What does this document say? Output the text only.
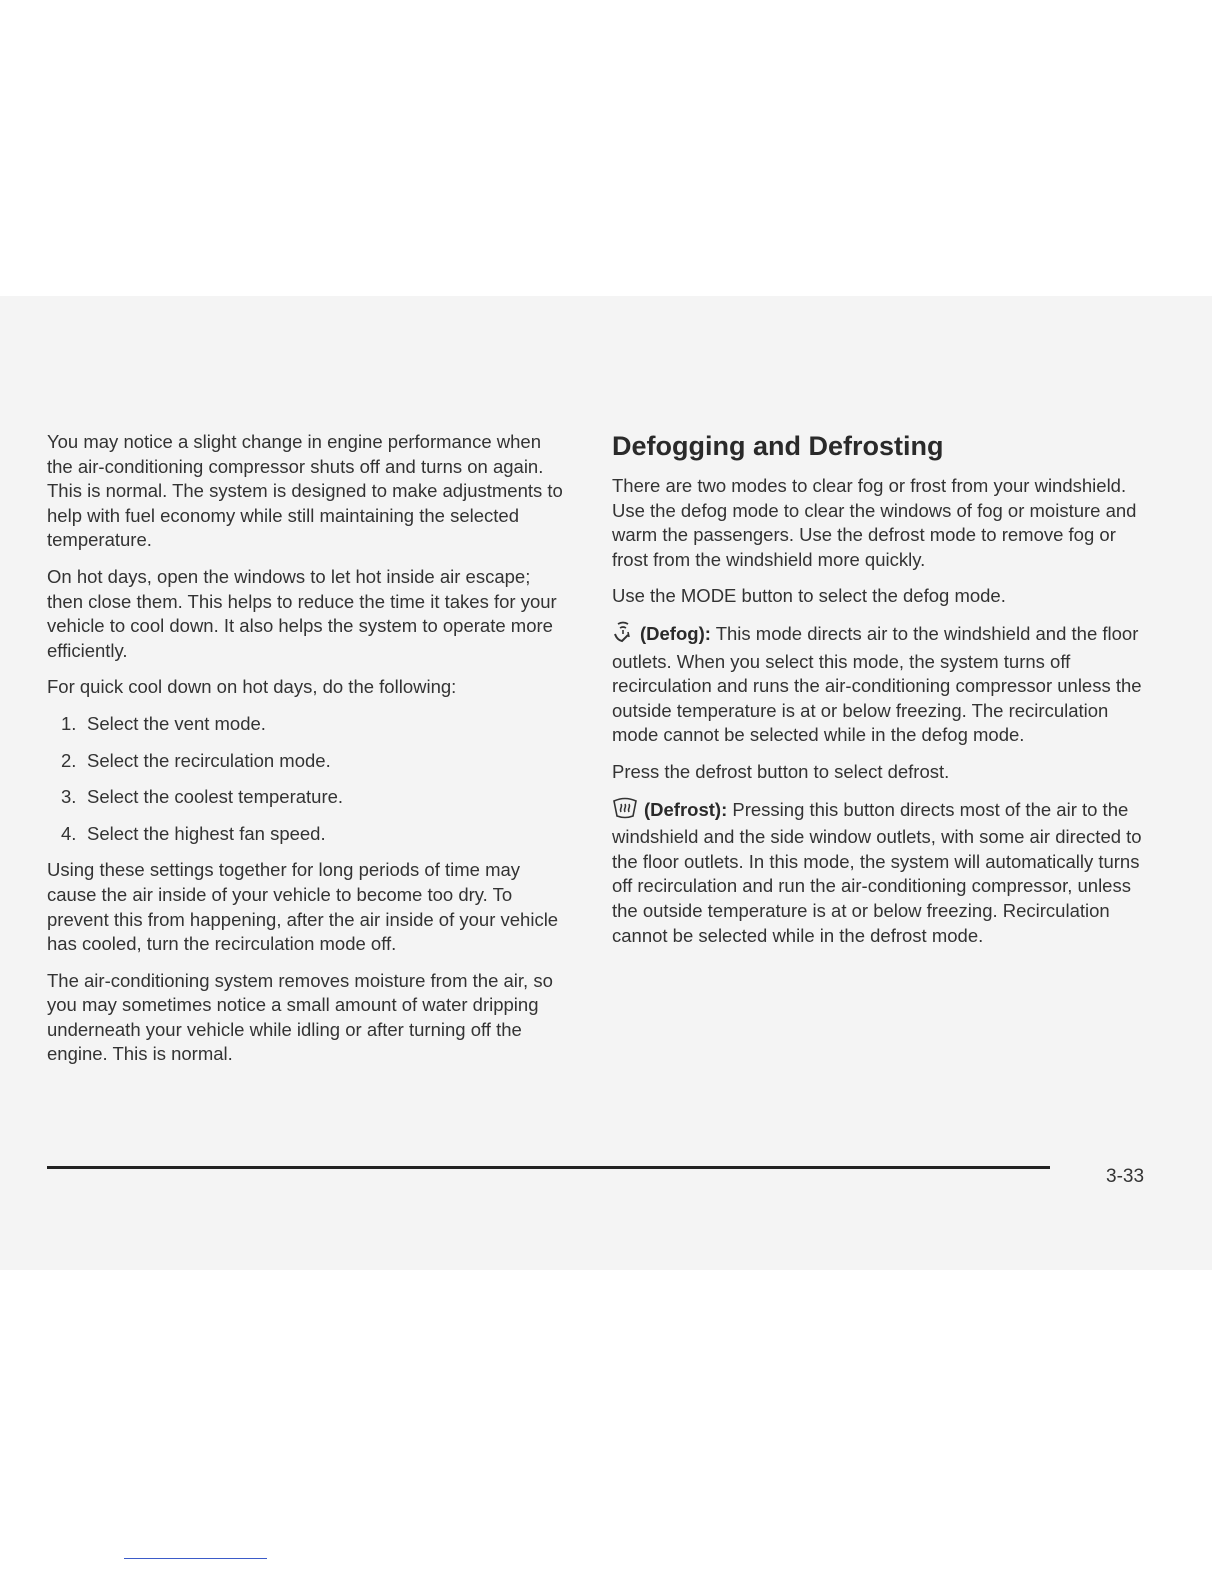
You may notice a slight change in engine performance when the air-conditioning compressor shuts off and turns on again. This is normal. The system is designed to make adjustments to help with fuel economy while still maintaining the selected temperature.

On hot days, open the windows to let hot inside air escape; then close them. This helps to reduce the time it takes for your vehicle to cool down. It also helps the system to operate more efficiently.

For quick cool down on hot days, do the following:

1. Select the vent mode.
2. Select the recirculation mode.
3. Select the coolest temperature.
4. Select the highest fan speed.

Using these settings together for long periods of time may cause the air inside of your vehicle to become too dry. To prevent this from happening, after the air inside of your vehicle has cooled, turn the recirculation mode off.

The air-conditioning system removes moisture from the air, so you may sometimes notice a small amount of water dripping underneath your vehicle while idling or after turning off the engine. This is normal.

Defogging and Defrosting

There are two modes to clear fog or frost from your windshield. Use the defog mode to clear the windows of fog or moisture and warm the passengers. Use the defrost mode to remove fog or frost from the windshield more quickly.

Use the MODE button to select the defog mode.

(Defog): This mode directs air to the windshield and the floor outlets. When you select this mode, the system turns off recirculation and runs the air-conditioning compressor unless the outside temperature is at or below freezing. The recirculation mode cannot be selected while in the defog mode.

Press the defrost button to select defrost.

(Defrost): Pressing this button directs most of the air to the windshield and the side window outlets, with some air directed to the floor outlets. In this mode, the system will automatically turns off recirculation and run the air-conditioning compressor, unless the outside temperature is at or below freezing. Recirculation cannot be selected while in the defrost mode.

3-33
